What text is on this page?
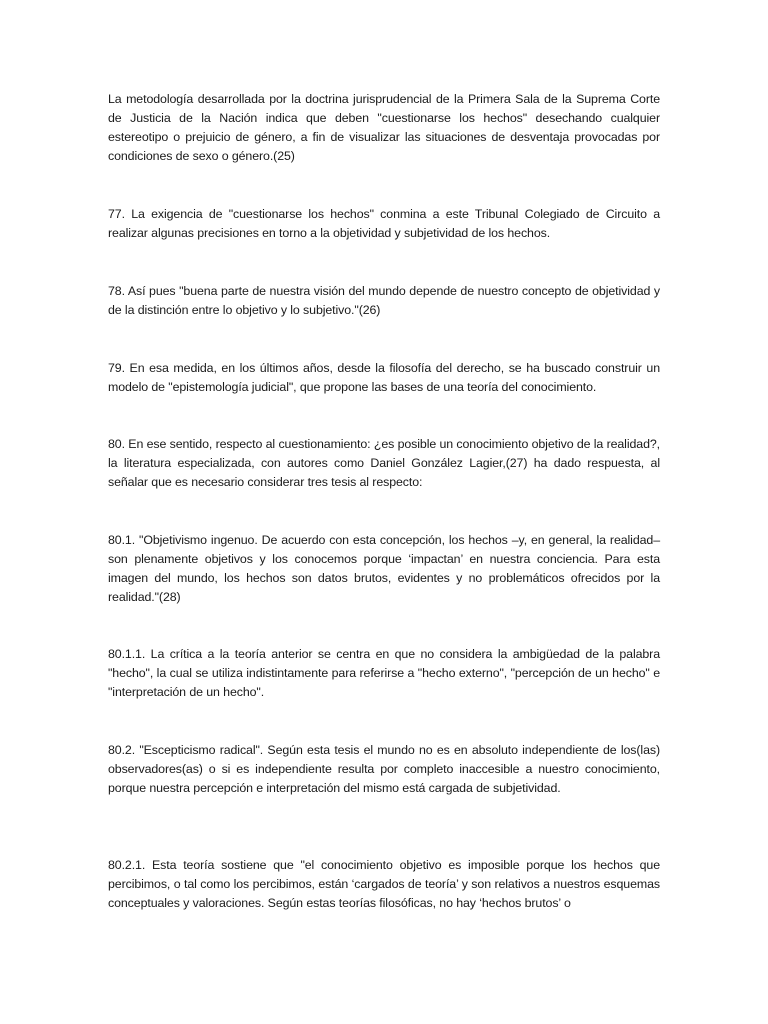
La metodología desarrollada por la doctrina jurisprudencial de la Primera Sala de la Suprema Corte de Justicia de la Nación indica que deben "cuestionarse los hechos" desechando cualquier estereotipo o prejuicio de género, a fin de visualizar las situaciones de desventaja provocadas por condiciones de sexo o género.(25)

77. La exigencia de "cuestionarse los hechos" conmina a este Tribunal Colegiado de Circuito a realizar algunas precisiones en torno a la objetividad y subjetividad de los hechos.

78. Así pues "buena parte de nuestra visión del mundo depende de nuestro concepto de objetividad y de la distinción entre lo objetivo y lo subjetivo."(26)

79. En esa medida, en los últimos años, desde la filosofía del derecho, se ha buscado construir un modelo de "epistemología judicial", que propone las bases de una teoría del conocimiento.

80. En ese sentido, respecto al cuestionamiento: ¿es posible un conocimiento objetivo de la realidad?, la literatura especializada, con autores como Daniel González Lagier,(27) ha dado respuesta, al señalar que es necesario considerar tres tesis al respecto:

80.1. "Objetivismo ingenuo. De acuerdo con esta concepción, los hechos –y, en general, la realidad– son plenamente objetivos y los conocemos porque ‘impactan’ en nuestra conciencia. Para esta imagen del mundo, los hechos son datos brutos, evidentes y no problemáticos ofrecidos por la realidad."(28)

80.1.1. La crítica a la teoría anterior se centra en que no considera la ambigüedad de la palabra "hecho", la cual se utiliza indistintamente para referirse a "hecho externo", "percepción de un hecho" e "interpretación de un hecho".

80.2. "Escepticismo radical". Según esta tesis el mundo no es en absoluto independiente de los(las) observadores(as) o si es independiente resulta por completo inaccesible a nuestro conocimiento, porque nuestra percepción e interpretación del mismo está cargada de subjetividad.

80.2.1. Esta teoría sostiene que "el conocimiento objetivo es imposible porque los hechos que percibimos, o tal como los percibimos, están ‘cargados de teoría’ y son relativos a nuestros esquemas conceptuales y valoraciones. Según estas teorías filosóficas, no hay ‘hechos brutos’ o
